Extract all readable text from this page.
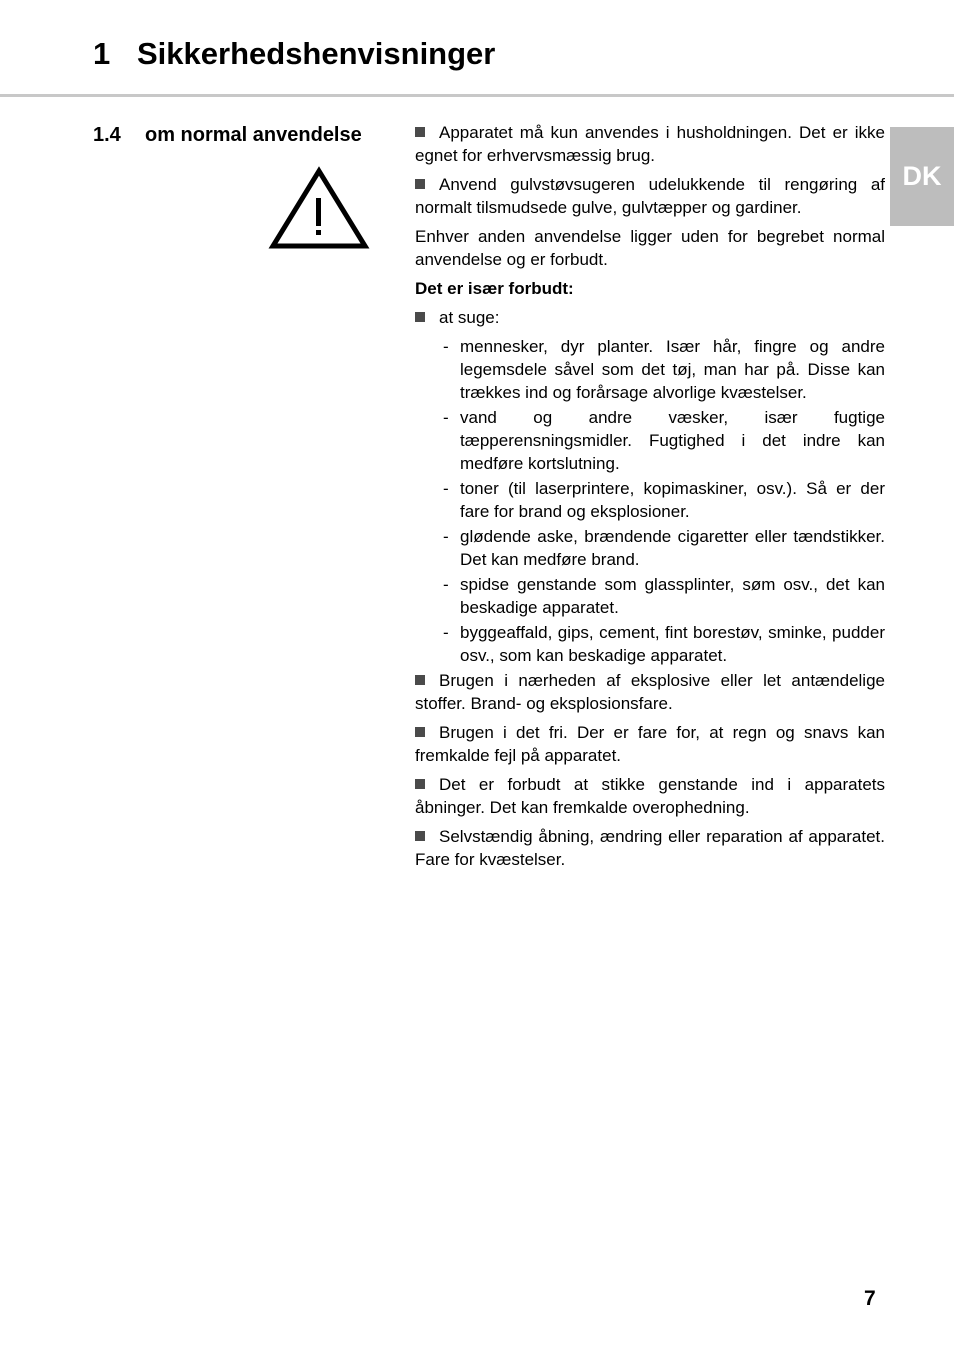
1 Sikkerhedshenvisninger
1.4 om normal anvendelse
DK

Apparatet må kun anvendes i husholdningen. Det er ikke egnet for erhvervsmæssig brug.

Anvend gulvstøvsugeren udelukkende til rengøring af normalt tilsmudsede gulve, gulvtæpper og gardiner.

Enhver anden anvendelse ligger uden for begrebet normal anvendelse og er forbudt.

Det er især forbudt:

at suge:

- mennesker, dyr planter. Især hår, fingre og andre legemsdele såvel som det tøj, man har på. Disse kan trækkes ind og forårsage alvorlige kvæstelser.
- vand og andre væsker, især fugtige tæpperensningsmidler. Fugtighed i det indre kan medføre kortslutning.
- toner (til laserprintere, kopimaskiner, osv.). Så er der fare for brand og eksplosioner.
- glødende aske, brændende cigaretter eller tændstikker. Det kan medføre brand.
- spidse genstande som glassplinter, søm osv., det kan beskadige apparatet.
- byggeaffald, gips, cement, fint borestøv, sminke, pudder osv., som kan beskadige apparatet.

Brugen i nærheden af eksplosive eller let antændelige stoffer. Brand- og eksplosionsfare.

Brugen i det fri. Der er fare for, at regn og snavs kan fremkalde fejl på apparatet.

Det er forbudt at stikke genstande ind i apparatets åbninger. Det kan fremkalde overophedning.

Selvstændig åbning, ændring eller reparation af apparatet. Fare for kvæstelser.

7
